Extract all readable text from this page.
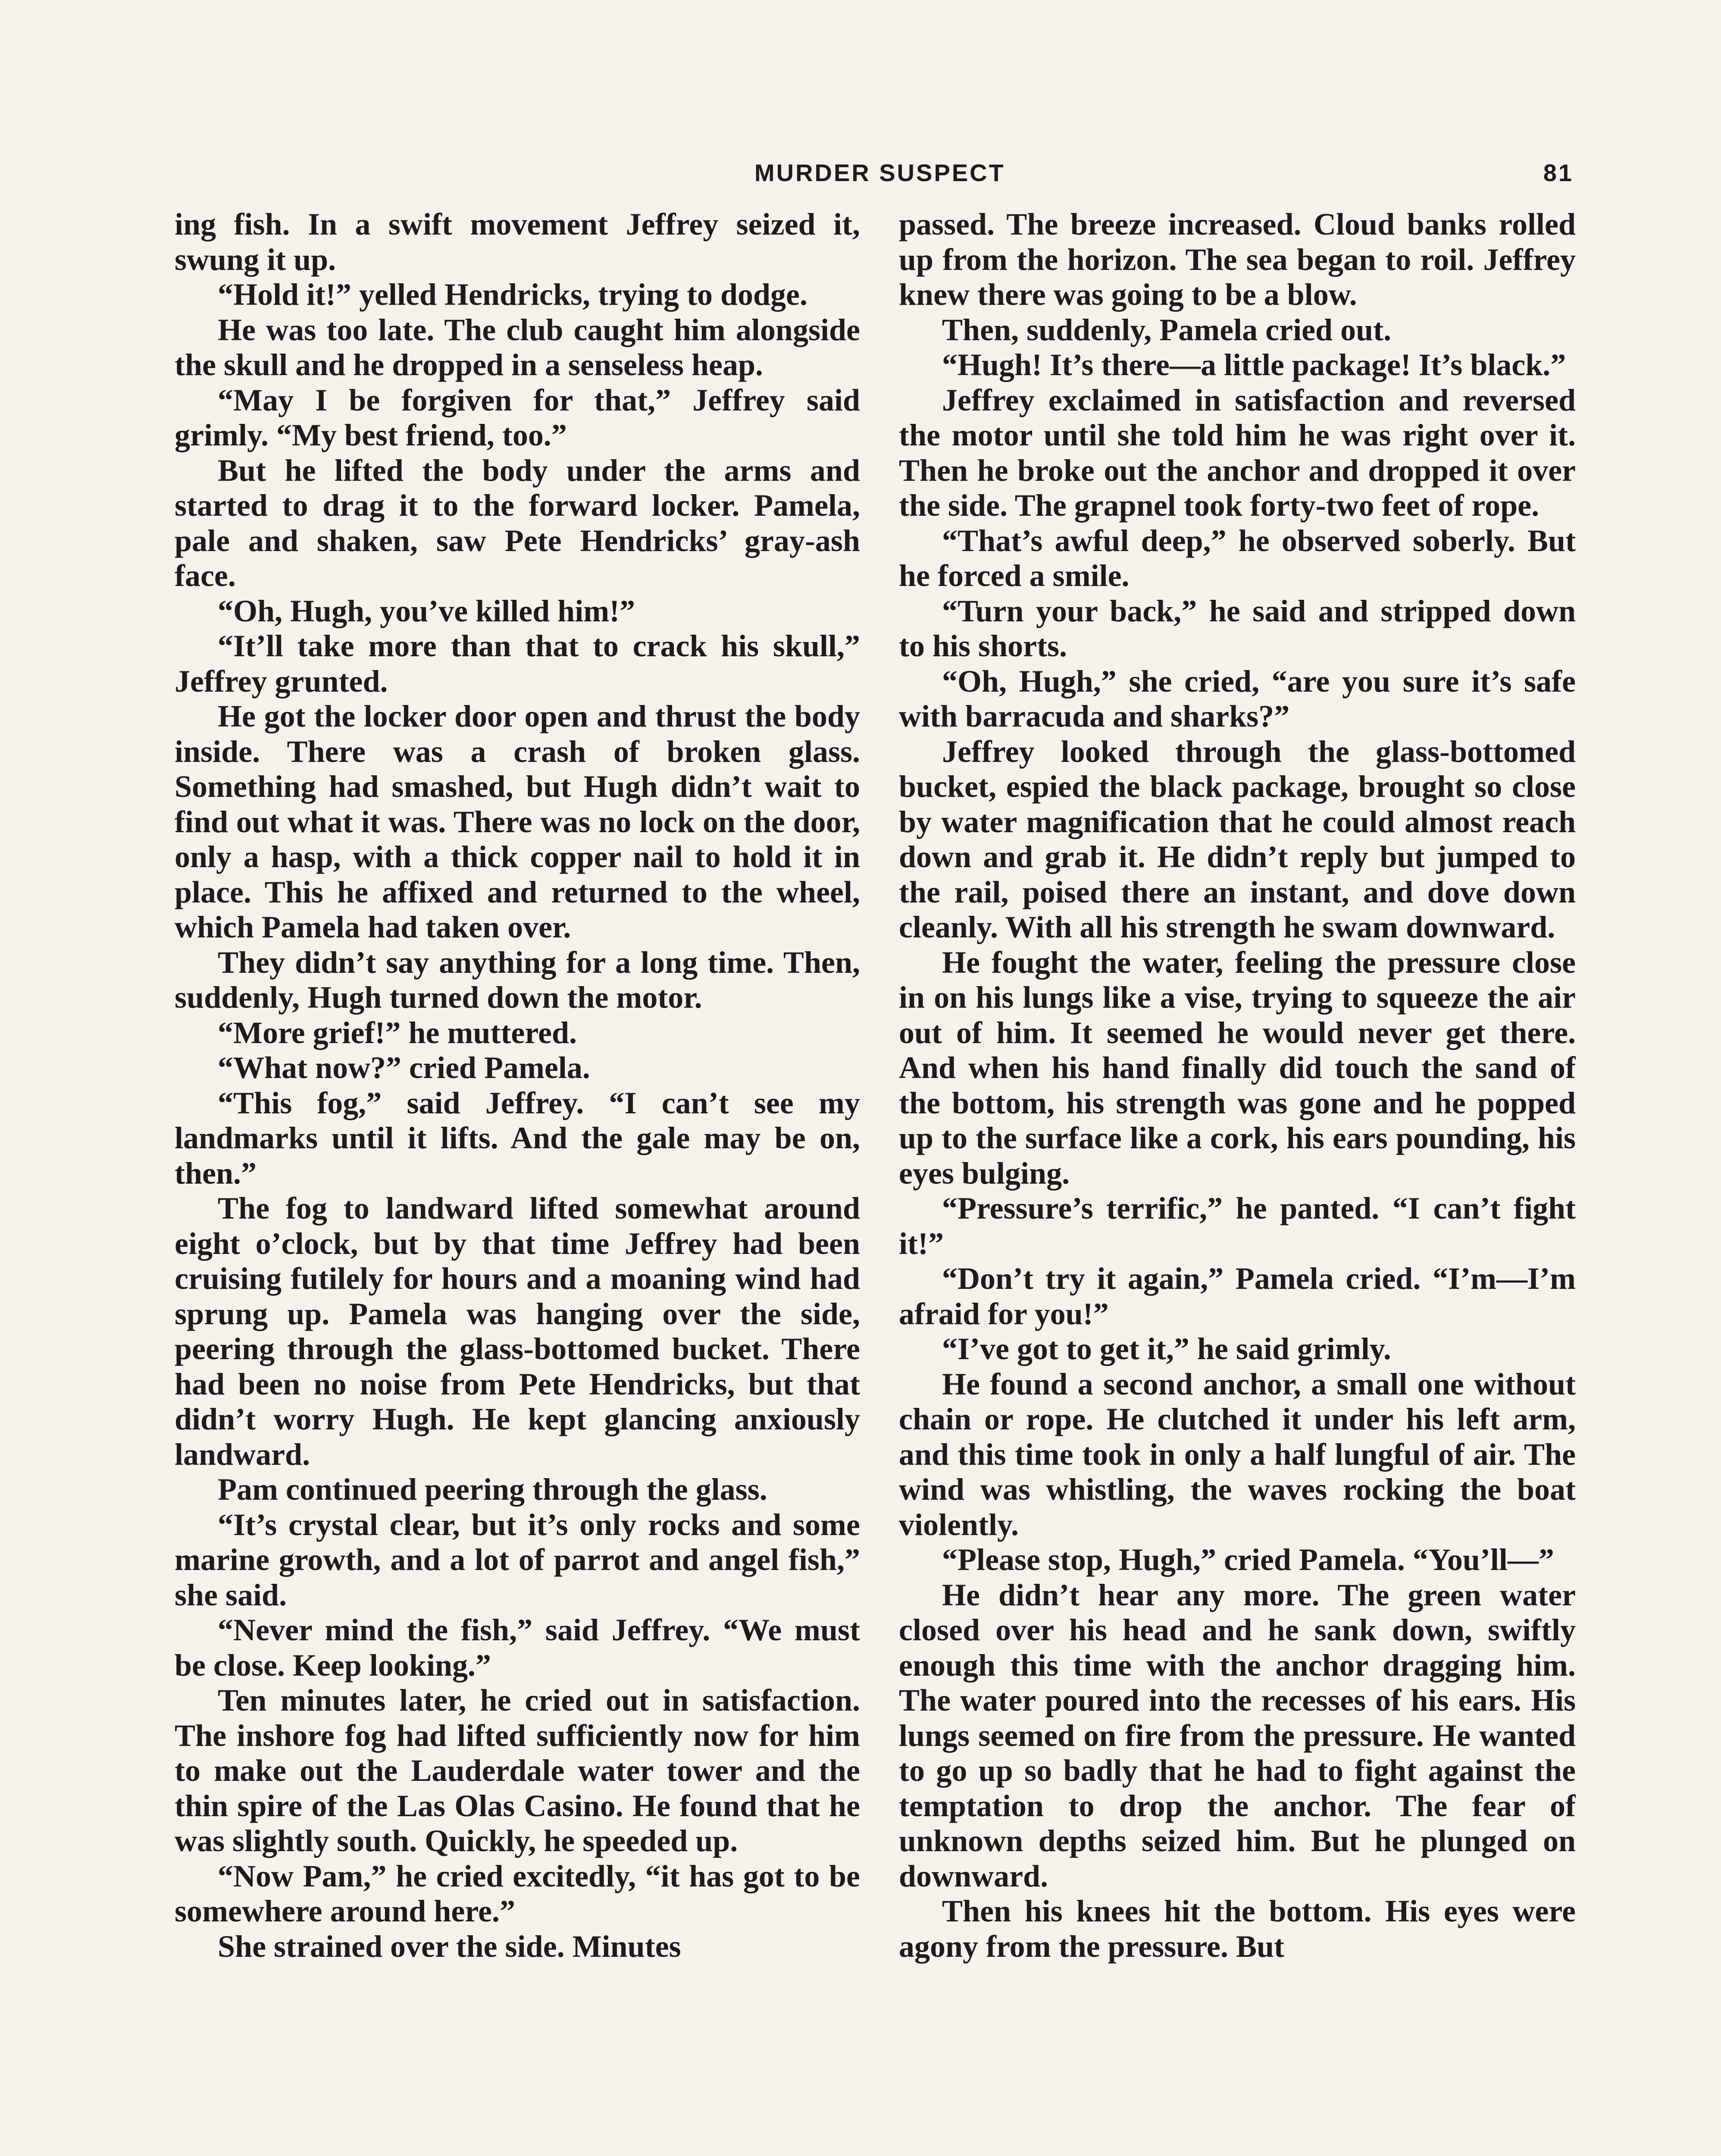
MURDER SUSPECT	81

ing fish. In a swift movement Jeffrey seized it, swung it up.

“Hold it!” yelled Hendricks, trying to dodge.

He was too late. The club caught him alongside the skull and he dropped in a senseless heap.

“May I be forgiven for that,” Jeffrey said grimly. “My best friend, too.”

But he lifted the body under the arms and started to drag it to the forward locker. Pamela, pale and shaken, saw Pete Hendricks’ gray-ash face.

“Oh, Hugh, you’ve killed him!”

“It’ll take more than that to crack his skull,” Jeffrey grunted.

He got the locker door open and thrust the body inside. There was a crash of broken glass. Something had smashed, but Hugh didn’t wait to find out what it was. There was no lock on the door, only a hasp, with a thick copper nail to hold it in place. This he affixed and returned to the wheel, which Pamela had taken over.

They didn’t say anything for a long time. Then, suddenly, Hugh turned down the motor.

“More grief!” he muttered.

“What now?” cried Pamela.

“This fog,” said Jeffrey. “I can’t see my landmarks until it lifts. And the gale may be on, then.”

The fog to landward lifted somewhat around eight o’clock, but by that time Jeffrey had been cruising futilely for hours and a moaning wind had sprung up. Pamela was hanging over the side, peering through the glass-bottomed bucket. There had been no noise from Pete Hendricks, but that didn’t worry Hugh. He kept glancing anxiously landward.

Pam continued peering through the glass.

“It’s crystal clear, but it’s only rocks and some marine growth, and a lot of parrot and angel fish,” she said.

“Never mind the fish,” said Jeffrey. “We must be close. Keep looking.”

Ten minutes later, he cried out in satisfaction. The inshore fog had lifted sufficiently now for him to make out the Lauderdale water tower and the thin spire of the Las Olas Casino. He found that he was slightly south. Quickly, he speeded up.

“Now Pam,” he cried excitedly, “it has got to be somewhere around here.”

She strained over the side. Minutes

passed. The breeze increased. Cloud banks rolled up from the horizon. The sea began to roil. Jeffrey knew there was going to be a blow.

Then, suddenly, Pamela cried out.

“Hugh! It’s there—a little package! It’s black.”

Jeffrey exclaimed in satisfaction and reversed the motor until she told him he was right over it. Then he broke out the anchor and dropped it over the side. The grapnel took forty-two feet of rope.

“That’s awful deep,” he observed soberly. But he forced a smile.

“Turn your back,” he said and stripped down to his shorts.

“Oh, Hugh,” she cried, “are you sure it’s safe with barracuda and sharks?”

Jeffrey looked through the glass-bottomed bucket, espied the black package, brought so close by water magnification that he could almost reach down and grab it. He didn’t reply but jumped to the rail, poised there an instant, and dove down cleanly. With all his strength he swam downward.

He fought the water, feeling the pressure close in on his lungs like a vise, trying to squeeze the air out of him. It seemed he would never get there. And when his hand finally did touch the sand of the bottom, his strength was gone and he popped up to the surface like a cork, his ears pounding, his eyes bulging.

“Pressure’s terrific,” he panted. “I can’t fight it!”

“Don’t try it again,” Pamela cried. “I’m—I’m afraid for you!”

“I’ve got to get it,” he said grimly.

He found a second anchor, a small one without chain or rope. He clutched it under his left arm, and this time took in only a half lungful of air. The wind was whistling, the waves rocking the boat violently.

“Please stop, Hugh,” cried Pamela. “You’ll—”

He didn’t hear any more. The green water closed over his head and he sank down, swiftly enough this time with the anchor dragging him. The water poured into the recesses of his ears. His lungs seemed on fire from the pressure. He wanted to go up so badly that he had to fight against the temptation to drop the anchor. The fear of unknown depths seized him. But he plunged on downward.

Then his knees hit the bottom. His eyes were agony from the pressure. But
